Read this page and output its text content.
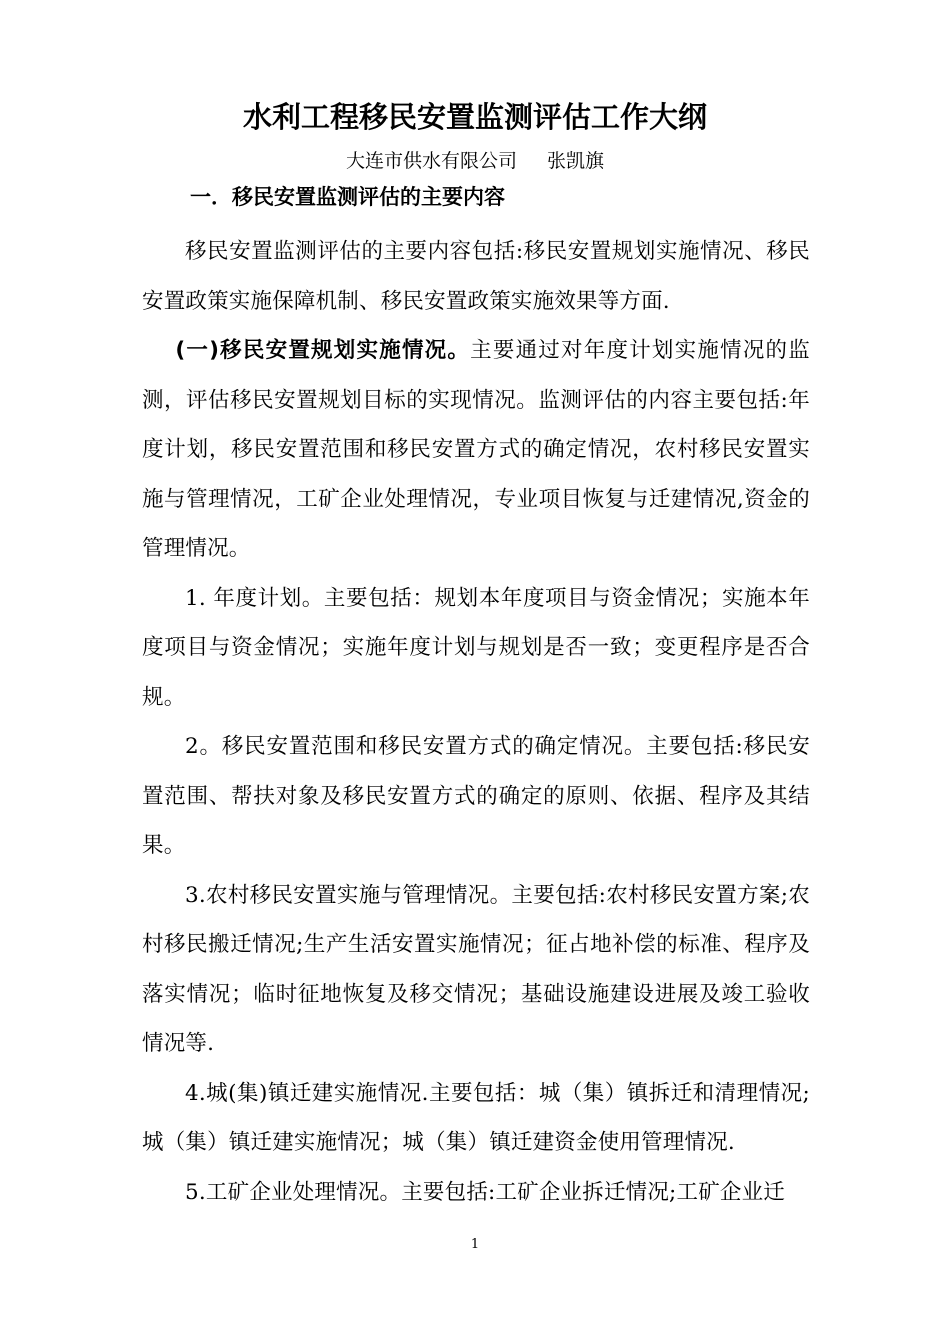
水利工程移民安置监测评估工作大纲
大连市供水有限公司 张凯旗
一．移民安置监测评估的主要内容

移民安置监测评估的主要内容包括:移民安置规划实施情况、移民安置政策实施保障机制、移民安置政策实施效果等方面.

(一)移民安置规划实施情况。主要通过对年度计划实施情况的监测，评估移民安置规划目标的实现情况。监测评估的内容主要包括:年度计划，移民安置范围和移民安置方式的确定情况，农村移民安置实施与管理情况，工矿企业处理情况，专业项目恢复与迁建情况,资金的管理情况。

1. 年度计划。主要包括：规划本年度项目与资金情况；实施本年度项目与资金情况；实施年度计划与规划是否一致；变更程序是否合规。

2。移民安置范围和移民安置方式的确定情况。主要包括:移民安置范围、帮扶对象及移民安置方式的确定的原则、依据、程序及其结果。

3.农村移民安置实施与管理情况。主要包括:农村移民安置方案;农村移民搬迁情况;生产生活安置实施情况；征占地补偿的标准、程序及落实情况；临时征地恢复及移交情况；基础设施建设进展及竣工验收情况等.

4.城(集)镇迁建实施情况.主要包括：城（集）镇拆迁和清理情况;城（集）镇迁建实施情况；城（集）镇迁建资金使用管理情况.

5.工矿企业处理情况。主要包括:工矿企业拆迁情况;工矿企业迁

1
